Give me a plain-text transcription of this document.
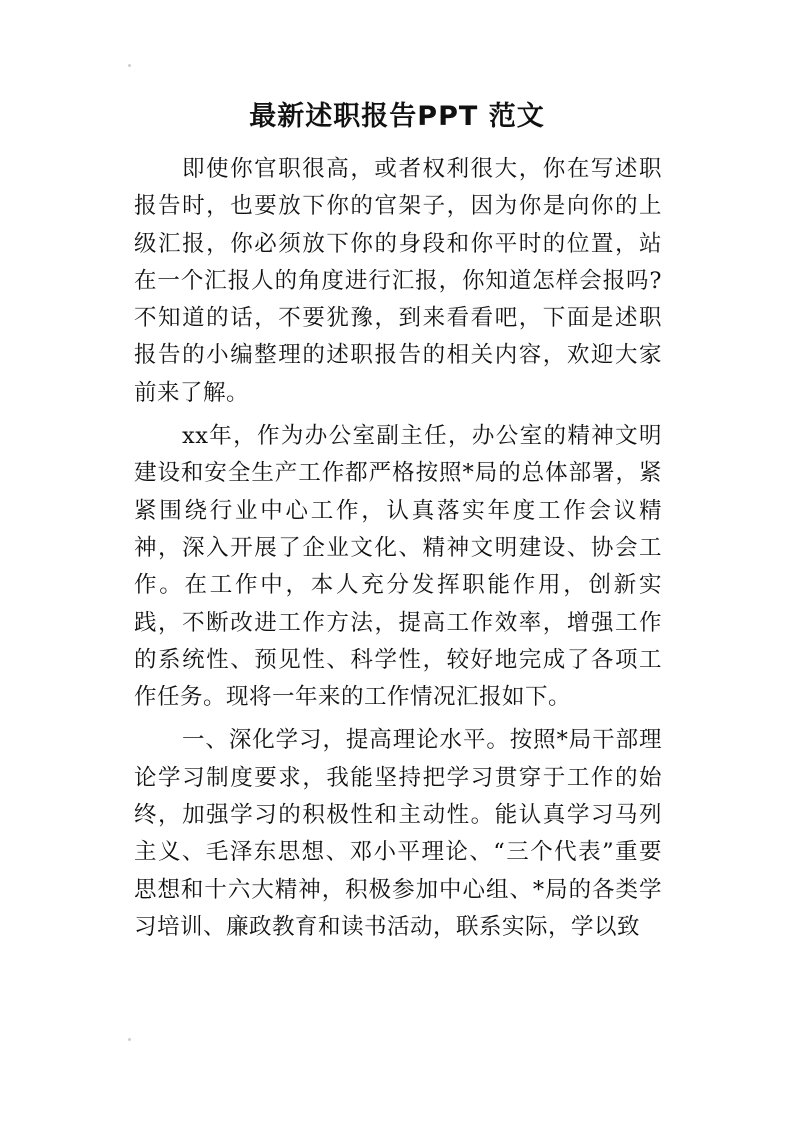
最新述职报告PPT 范文

即使你官职很高，或者权利很大，你在写述职报告时，也要放下你的官架子，因为你是向你的上级汇报，你必须放下你的身段和你平时的位置，站在一个汇报人的角度进行汇报，你知道怎样会报吗?不知道的话，不要犹豫，到来看看吧，下面是述职报告的小编整理的述职报告的相关内容，欢迎大家前来了解。

xx年，作为办公室副主任，办公室的精神文明建设和安全生产工作都严格按照*局的总体部署，紧紧围绕行业中心工作，认真落实年度工作会议精神，深入开展了企业文化、精神文明建设、协会工作。在工作中，本人充分发挥职能作用，创新实践，不断改进工作方法，提高工作效率，增强工作的系统性、预见性、科学性，较好地完成了各项工作任务。现将一年来的工作情况汇报如下。

一、深化学习，提高理论水平。按照*局干部理论学习制度要求，我能坚持把学习贯穿于工作的始终，加强学习的积极性和主动性。能认真学习马列主义、毛泽东思想、邓小平理论、“三个代表”重要思想和十六大精神，积极参加中心组、*局的各类学习培训、廉政教育和读书活动，联系实际，学以致
